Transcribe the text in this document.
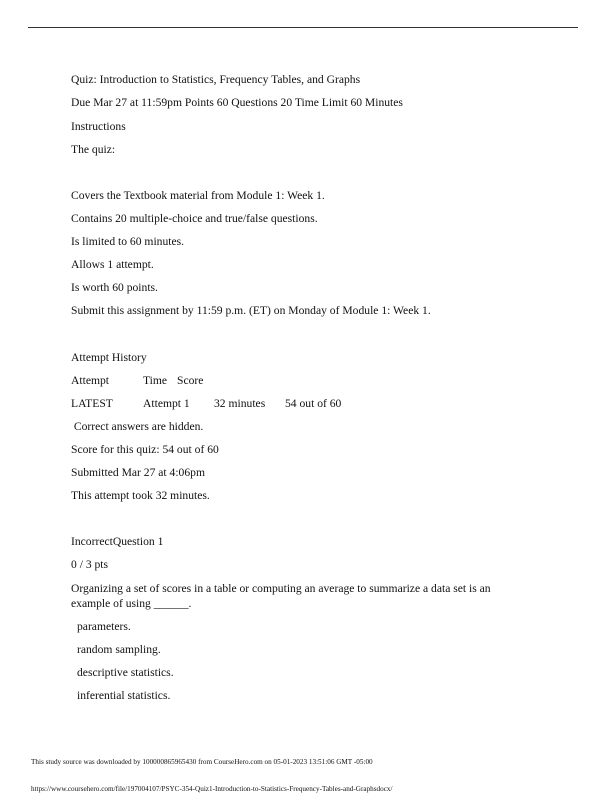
Quiz: Introduction to Statistics, Frequency Tables, and Graphs
Due Mar 27 at 11:59pm Points 60 Questions 20 Time Limit 60 Minutes
Instructions
The quiz:
Covers the Textbook material from Module 1: Week 1.
Contains 20 multiple-choice and true/false questions.
Is limited to 60 minutes.
Allows 1 attempt.
Is worth 60 points.
Submit this assignment by 11:59 p.m. (ET) on Monday of Module 1: Week 1.
Attempt History
Attempt	Time Score
LATEST	Attempt 1 32 minutes 54 out of 60
Correct answers are hidden.
Score for this quiz: 54 out of 60
Submitted Mar 27 at 4:06pm
This attempt took 32 minutes.
IncorrectQuestion 1
0 / 3 pts
Organizing a set of scores in a table or computing an average to summarize a data set is an example of using ______.
parameters.
random sampling.
descriptive statistics.
inferential statistics.
This study source was downloaded by 100000865965430 from CourseHero.com on 05-01-2023 13:51:06 GMT -05:00
https://www.coursehero.com/file/197004107/PSYC-354-Quiz1-Introduction-to-Statistics-Frequency-Tables-and-Graphsdocx/
